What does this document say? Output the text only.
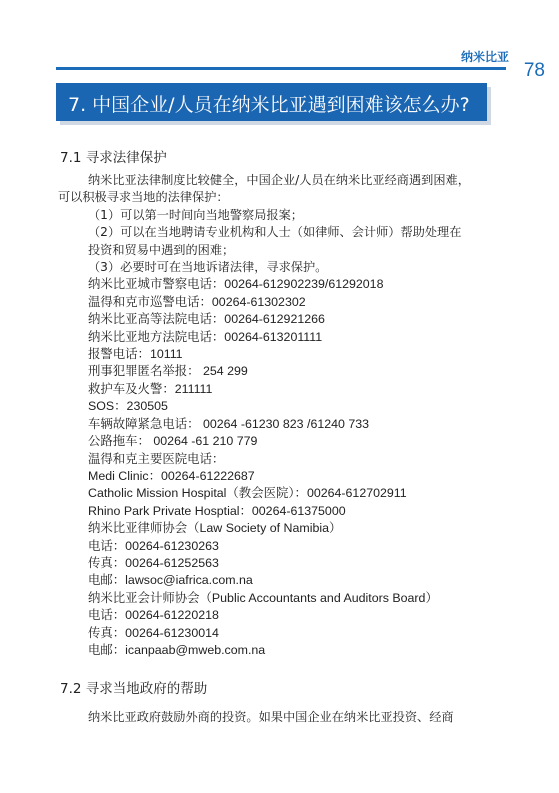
纳米比亚
78
7. 中国企业/人员在纳米比亚遇到困难该怎么办?
7.1 寻求法律保护
纳米比亚法律制度比较健全，中国企业/人员在纳米比亚经商遇到困难，
可以积极寻求当地的法律保护：
（1）可以第一时间向当地警察局报案；
（2）可以在当地聘请专业机构和人士（如律师、会计师）帮助处理在
投资和贸易中遇到的困难；
（3）必要时可在当地诉诸法律，寻求保护。
纳米比亚城市警察电话：00264-612902239/61292018
温得和克市巡警电话：00264-61302302
纳米比亚高等法院电话：00264-612921266
纳米比亚地方法院电话：00264-613201111
报警电话：10111
刑事犯罪匿名举报： 254 299
救护车及火警：211111
SOS：230505
车辆故障紧急电话： 00264 -61230 823 /61240 733
公路拖车： 00264 -61 210 779
温得和克主要医院电话：
Medi Clinic：00264-61222687
Catholic Mission Hospital（教会医院）：00264-612702911
Rhino Park Private Hosptial：00264-61375000
纳米比亚律师协会（Law Society of Namibia）
电话：00264-61230263
传真：00264-61252563
电邮：lawsoc@iafrica.com.na
纳米比亚会计师协会（Public Accountants and Auditors Board）
电话：00264-61220218
传真：00264-61230014
电邮：icanpaab@mweb.com.na
7.2 寻求当地政府的帮助
纳米比亚政府鼓励外商的投资。如果中国企业在纳米比亚投资、经商
